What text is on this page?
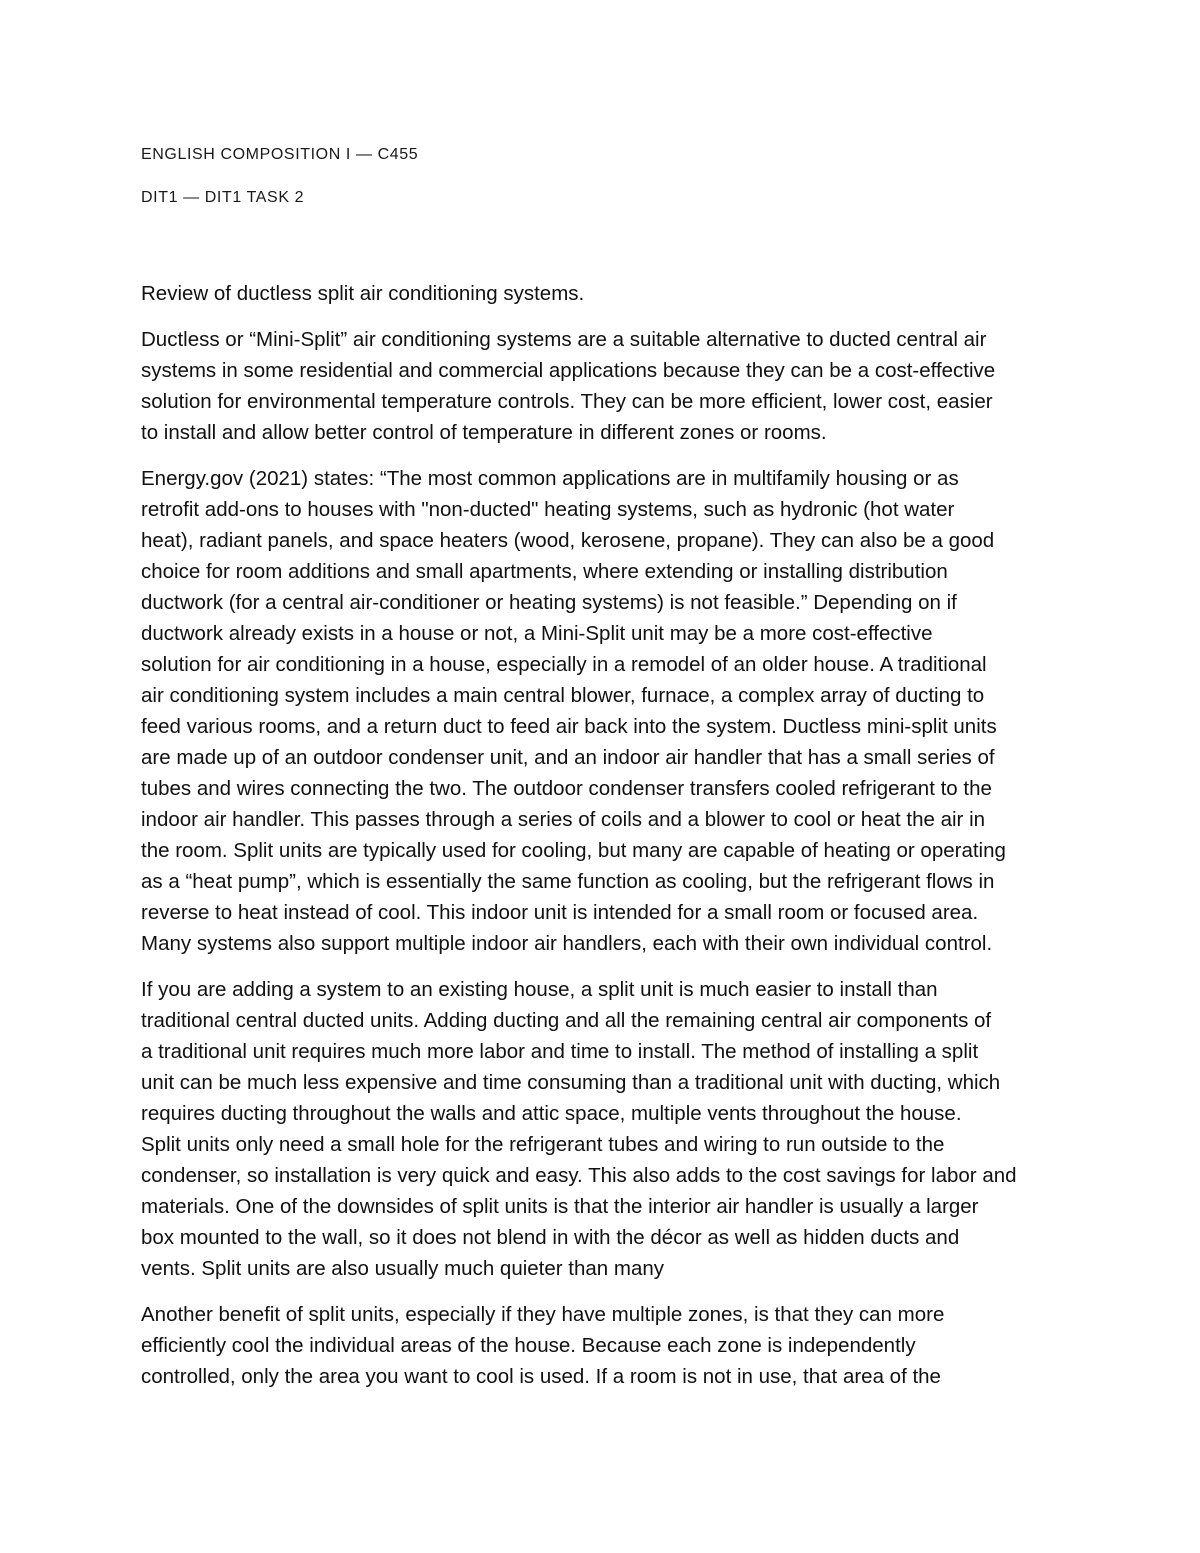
ENGLISH COMPOSITION I — C455
DIT1 — DIT1 TASK 2

Review of ductless split air conditioning systems.

Ductless or “Mini-Split” air conditioning systems are a suitable alternative to ducted central air
systems in some residential and commercial applications because they can be a cost-effective
solution for environmental temperature controls. They can be more efficient, lower cost, easier
to install and allow better control of temperature in different zones or rooms.

Energy.gov (2021) states: “The most common applications are in multifamily housing or as
retrofit add-ons to houses with "non-ducted" heating systems, such as hydronic (hot water
heat), radiant panels, and space heaters (wood, kerosene, propane). They can also be a good
choice for room additions and small apartments, where extending or installing distribution
ductwork (for a central air-conditioner or heating systems) is not feasible.” Depending on if
ductwork already exists in a house or not, a Mini-Split unit may be a more cost-effective
solution for air conditioning in a house, especially in a remodel of an older house. A traditional
air conditioning system includes a main central blower, furnace, a complex array of ducting to
feed various rooms, and a return duct to feed air back into the system. Ductless mini-split units
are made up of an outdoor condenser unit, and an indoor air handler that has a small series of
tubes and wires connecting the two. The outdoor condenser transfers cooled refrigerant to the
indoor air handler. This passes through a series of coils and a blower to cool or heat the air in
the room. Split units are typically used for cooling, but many are capable of heating or operating
as a “heat pump”, which is essentially the same function as cooling, but the refrigerant flows in
reverse to heat instead of cool. This indoor unit is intended for a small room or focused area.
Many systems also support multiple indoor air handlers, each with their own individual control.

If you are adding a system to an existing house, a split unit is much easier to install than
traditional central ducted units. Adding ducting and all the remaining central air components of
a traditional unit requires much more labor and time to install. The method of installing a split
unit can be much less expensive and time consuming than a traditional unit with ducting, which
requires ducting throughout the walls and attic space, multiple vents throughout the house.
Split units only need a small hole for the refrigerant tubes and wiring to run outside to the
condenser, so installation is very quick and easy. This also adds to the cost savings for labor and
materials. One of the downsides of split units is that the interior air handler is usually a larger
box mounted to the wall, so it does not blend in with the décor as well as hidden ducts and
vents. Split units are also usually much quieter than many

Another benefit of split units, especially if they have multiple zones, is that they can more
efficiently cool the individual areas of the house. Because each zone is independently
controlled, only the area you want to cool is used. If a room is not in use, that area of the
